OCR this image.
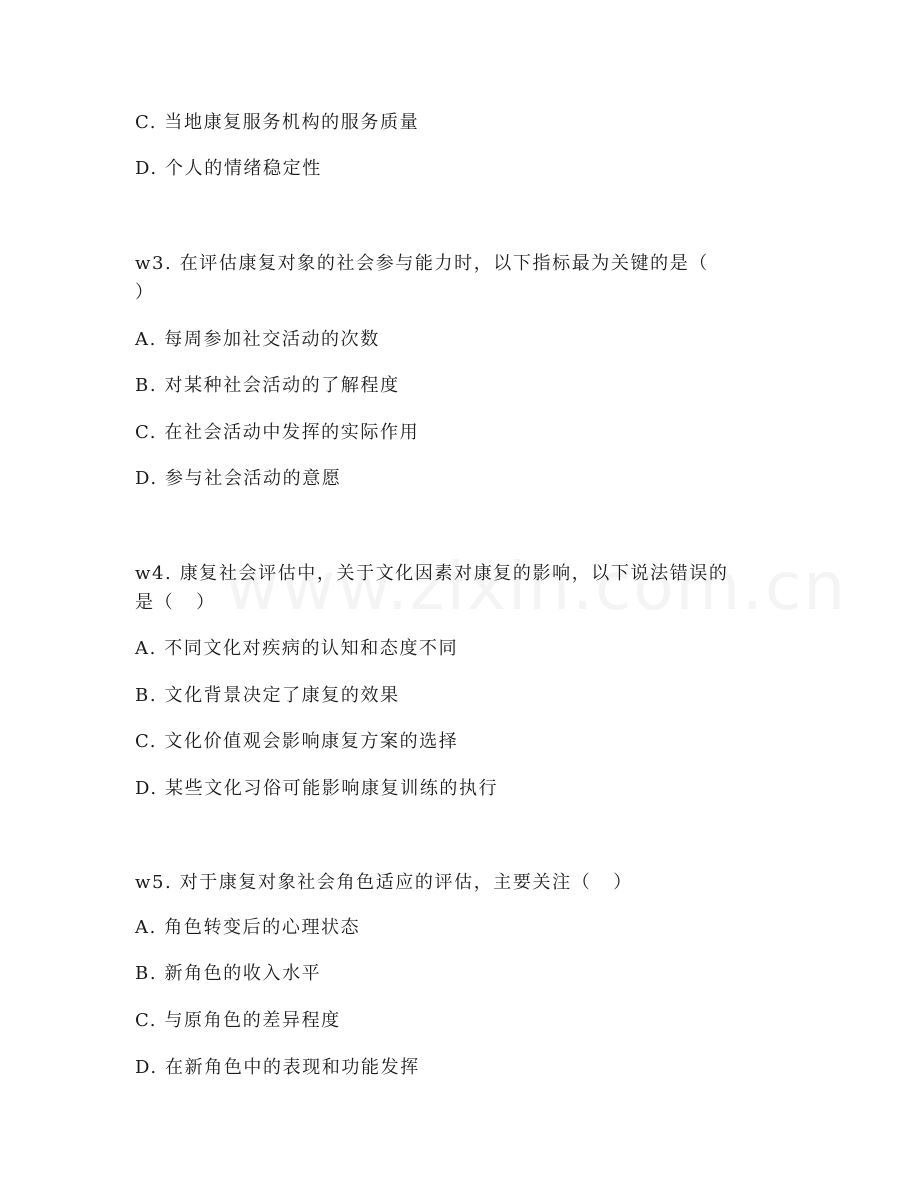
C. 当地康复服务机构的服务质量
D. 个人的情绪稳定性
w3. 在评估康复对象的社会参与能力时，以下指标最为关键的是（
）
A. 每周参加社交活动的次数
B. 对某种社会活动的了解程度
C. 在社会活动中发挥的实际作用
D. 参与社会活动的意愿
w4. 康复社会评估中，关于文化因素对康复的影响，以下说法错误的
是（   ）
A. 不同文化对疾病的认知和态度不同
B. 文化背景决定了康复的效果
C. 文化价值观会影响康复方案的选择
D. 某些文化习俗可能影响康复训练的执行
w5. 对于康复对象社会角色适应的评估，主要关注（   ）
A. 角色转变后的心理状态
B. 新角色的收入水平
C. 与原角色的差异程度
D. 在新角色中的表现和功能发挥
